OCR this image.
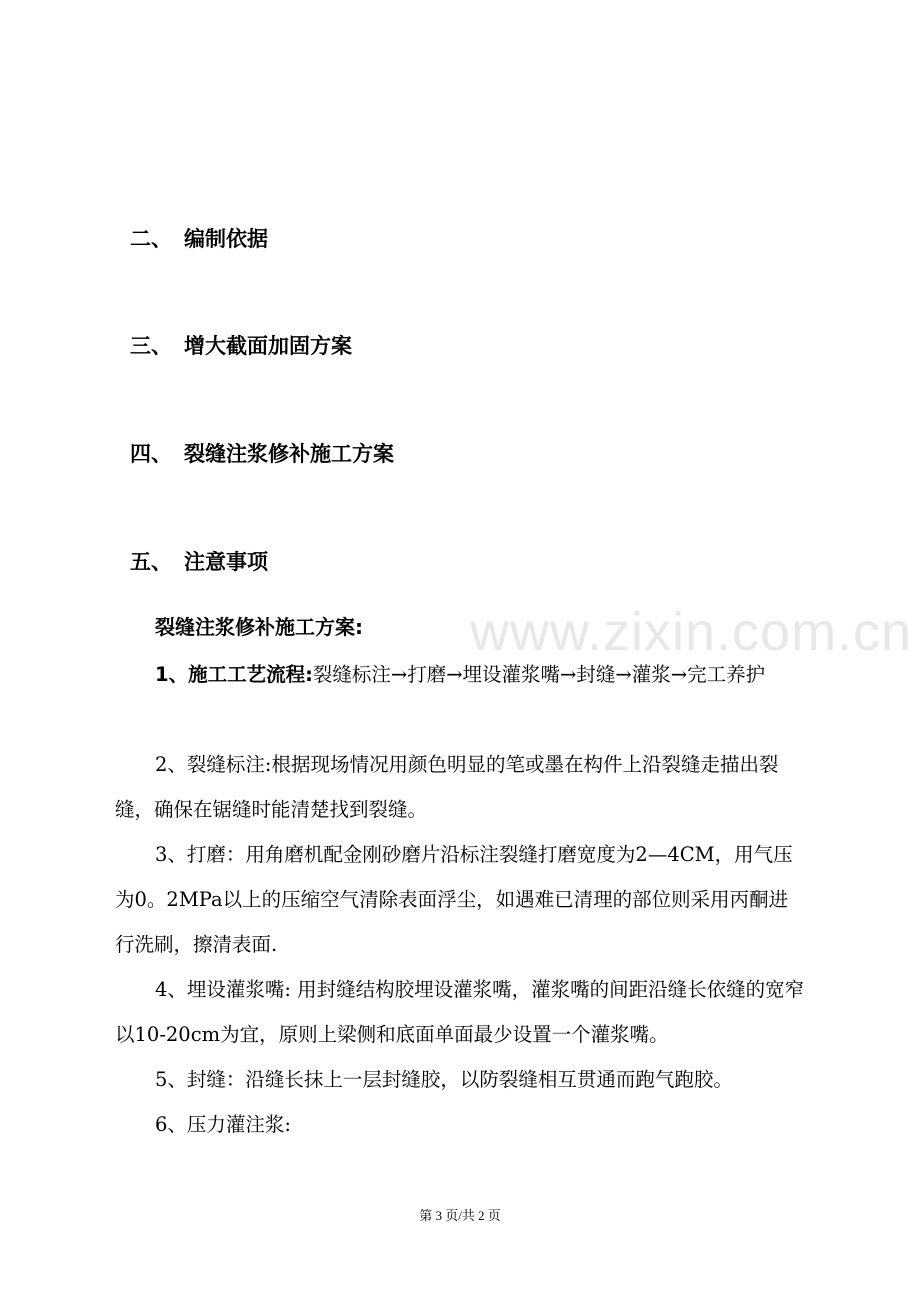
二、 编制依据
三、 增大截面加固方案
四、 裂缝注浆修补施工方案
五、 注意事项
www.zixin.com.cn
裂缝注浆修补施工方案:
1、施工工艺流程:裂缝标注→打磨→埋设灌浆嘴→封缝→灌浆→完工养护
2、裂缝标注:根据现场情况用颜色明显的笔或墨在构件上沿裂缝走描出裂缝，确保在锯缝时能清楚找到裂缝。
3、打磨：用角磨机配金刚砂磨片沿标注裂缝打磨宽度为2—4CM，用气压为0。2MPa以上的压缩空气清除表面浮尘，如遇难已清理的部位则采用丙酮进行洗刷，擦清表面.
4、埋设灌浆嘴: 用封缝结构胶埋设灌浆嘴，灌浆嘴的间距沿缝长依缝的宽窄以10-20cm为宜，原则上梁侧和底面单面最少设置一个灌浆嘴。
5、封缝：沿缝长抹上一层封缝胶，以防裂缝相互贯通而跑气跑胶。
6、压力灌注浆:
第 3 页/共 2 页
